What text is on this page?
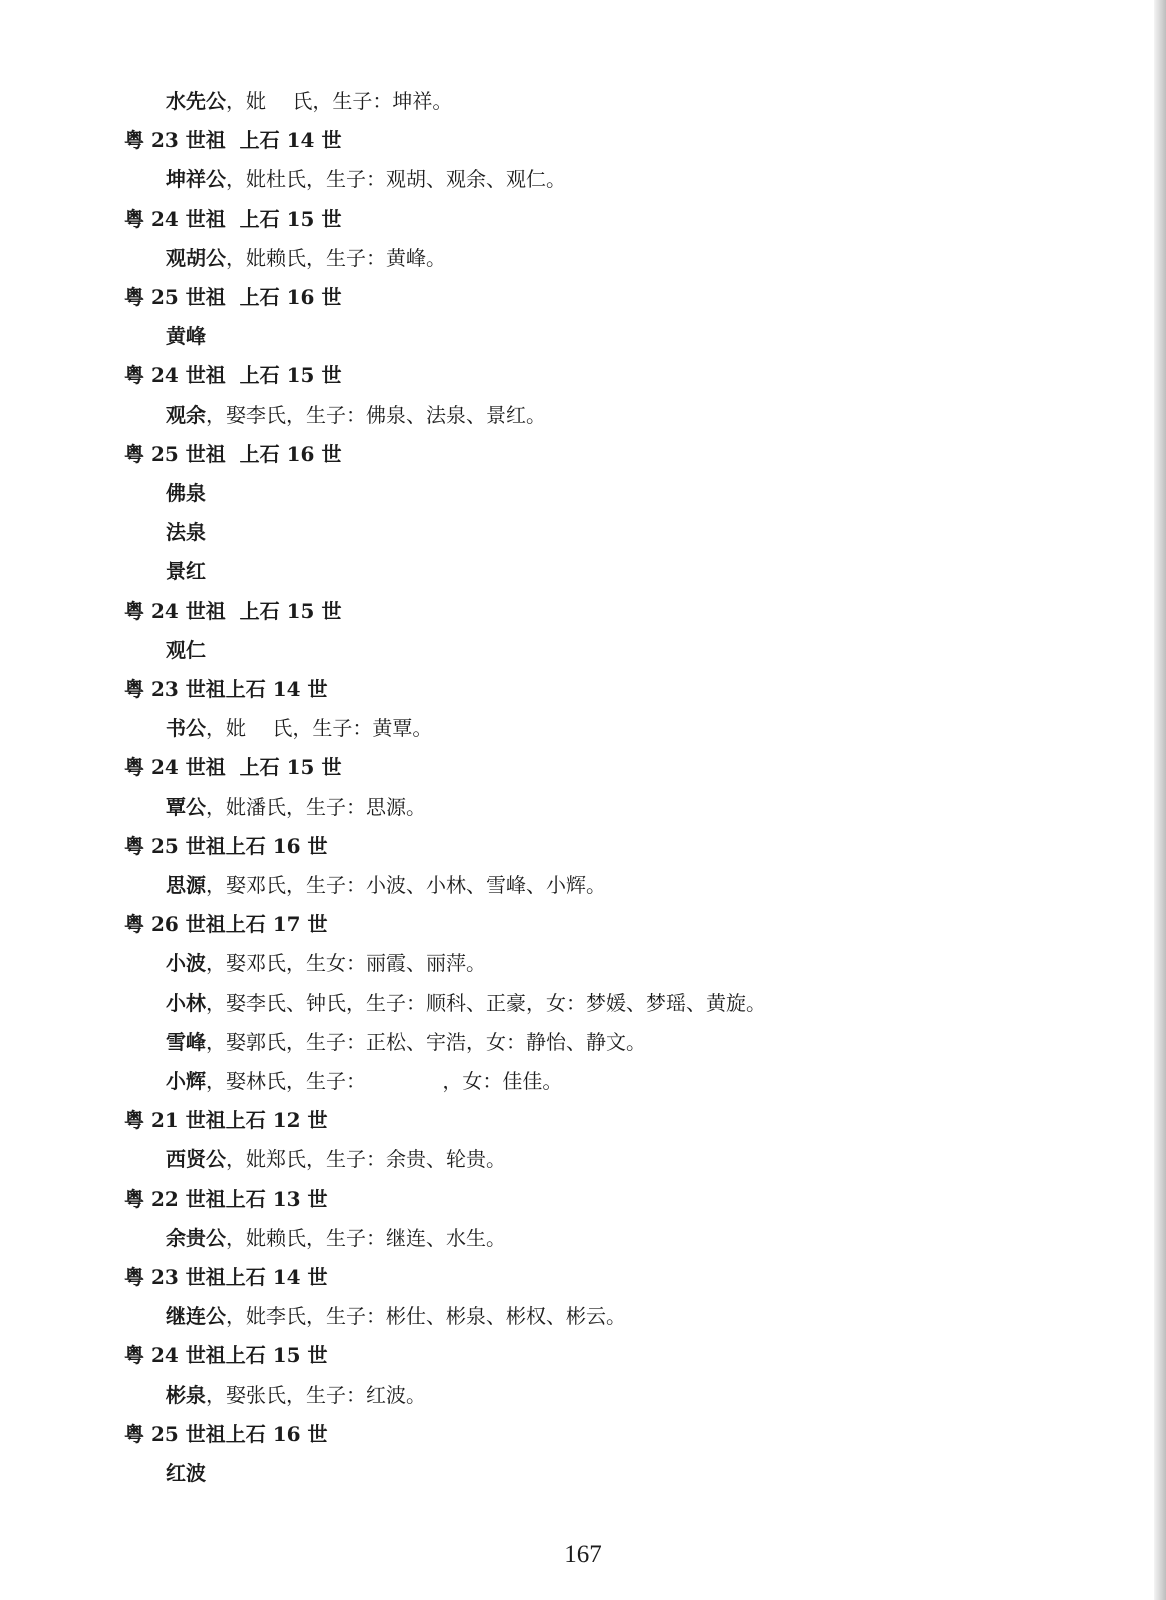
水先公，妣　 氏，生子：坤祥。
粤 23 世祖  上石 14 世
坤祥公，妣杜氏，生子：观胡、观余、观仁。
粤 24 世祖  上石 15 世
观胡公，妣赖氏，生子：黄峰。
粤 25 世祖  上石 16 世
黄峰
粤 24 世祖  上石 15 世
观余，娶李氏，生子：佛泉、法泉、景红。
粤 25 世祖  上石 16 世
佛泉
法泉
景红
粤 24 世祖  上石 15 世
观仁
粤 23 世祖上石 14 世
书公，妣　 氏，生子：黄覃。
粤 24 世祖  上石 15 世
覃公，妣潘氏，生子：思源。
粤 25 世祖上石 16 世
思源，娶邓氏，生子：小波、小林、雪峰、小辉。
粤 26 世祖上石 17 世
小波，娶邓氏，生女：丽霞、丽萍。
小林，娶李氏、钟氏，生子：顺科、正豪，女：梦媛、梦瑶、黄旋。
雪峰，娶郭氏，生子：正松、宇浩，女：静怡、静文。
小辉，娶林氏，生子：　　　　 ，女：佳佳。
粤 21 世祖上石 12 世
西贤公，妣郑氏，生子：余贵、轮贵。
粤 22 世祖上石 13 世
余贵公，妣赖氏，生子：继连、水生。
粤 23 世祖上石 14 世
继连公，妣李氏，生子：彬仕、彬泉、彬权、彬云。
粤 24 世祖上石 15 世
彬泉，娶张氏，生子：红波。
粤 25 世祖上石 16 世
红波
167
